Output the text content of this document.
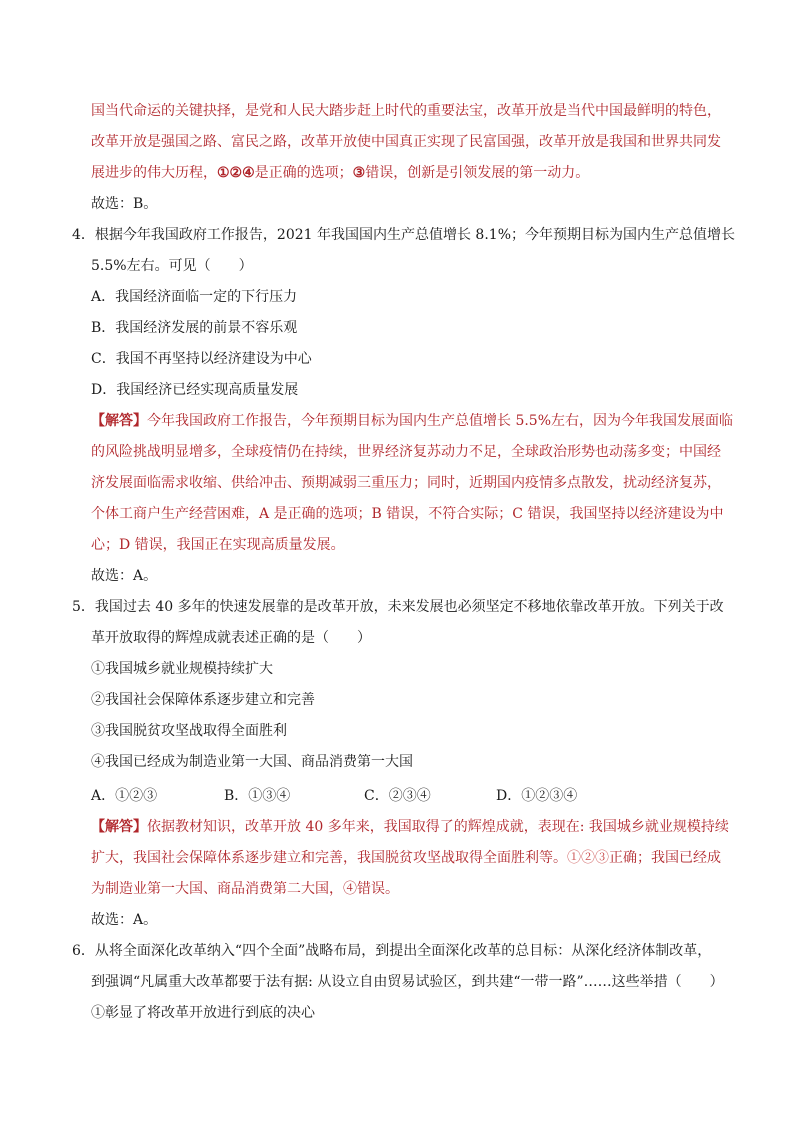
国当代命运的关键抉择，是党和人民大踏步赶上时代的重要法宝，改革开放是当代中国最鲜明的特色，
改革开放是强国之路、富民之路，改革开放使中国真正实现了民富国强，改革开放是我国和世界共同发
展进步的伟大历程，①②④是正确的选项；③错误，创新是引领发展的第一动力。
故选：B。
4．根据今年我国政府工作报告，2021 年我国国内生产总值增长 8.1%；今年预期目标为国内生产总值增长
5.5%左右。可见（　　）
A．我国经济面临一定的下行压力
B．我国经济发展的前景不容乐观
C．我国不再坚持以经济建设为中心
D．我国经济已经实现高质量发展
【解答】今年我国政府工作报告，今年预期目标为国内生产总值增长 5.5%左右，因为今年我国发展面临
的风险挑战明显增多，全球疫情仍在持续，世界经济复苏动力不足，全球政治形势也动荡多变；中国经
济发展面临需求收缩、供给冲击、预期减弱三重压力；同时，近期国内疫情多点散发，扰动经济复苏，
个体工商户生产经营困难，A 是正确的选项；B 错误，不符合实际；C 错误，我国坚持以经济建设为中
心；D 错误，我国正在实现高质量发展。
故选：A。
5．我国过去 40 多年的快速发展靠的是改革开放，未来发展也必须坚定不移地依靠改革开放。下列关于改
革开放取得的辉煌成就表述正确的是（　　）
①我国城乡就业规模持续扩大
②我国社会保障体系逐步建立和完善
③我国脱贫攻坚战取得全面胜利
④我国已经成为制造业第一大国、商品消费第一大国
A．①②③	B．①③④	C．②③④	D．①②③④
【解答】依据教材知识，改革开放 40 多年来，我国取得了的辉煌成就，表现在: 我国城乡就业规模持续
扩大，我国社会保障体系逐步建立和完善，我国脱贫攻坚战取得全面胜利等。①②③正确；我国已经成
为制造业第一大国、商品消费第二大国，④错误。
故选：A。
6．从将全面深化改革纳入“四个全面”战略布局，到提出全面深化改革的总目标：从深化经济体制改革，
到强调“凡属重大改革都要于法有据: 从设立自由贸易试验区，到共建“一带一路”……这些举措（　　）
①彰显了将改革开放进行到底的决心
